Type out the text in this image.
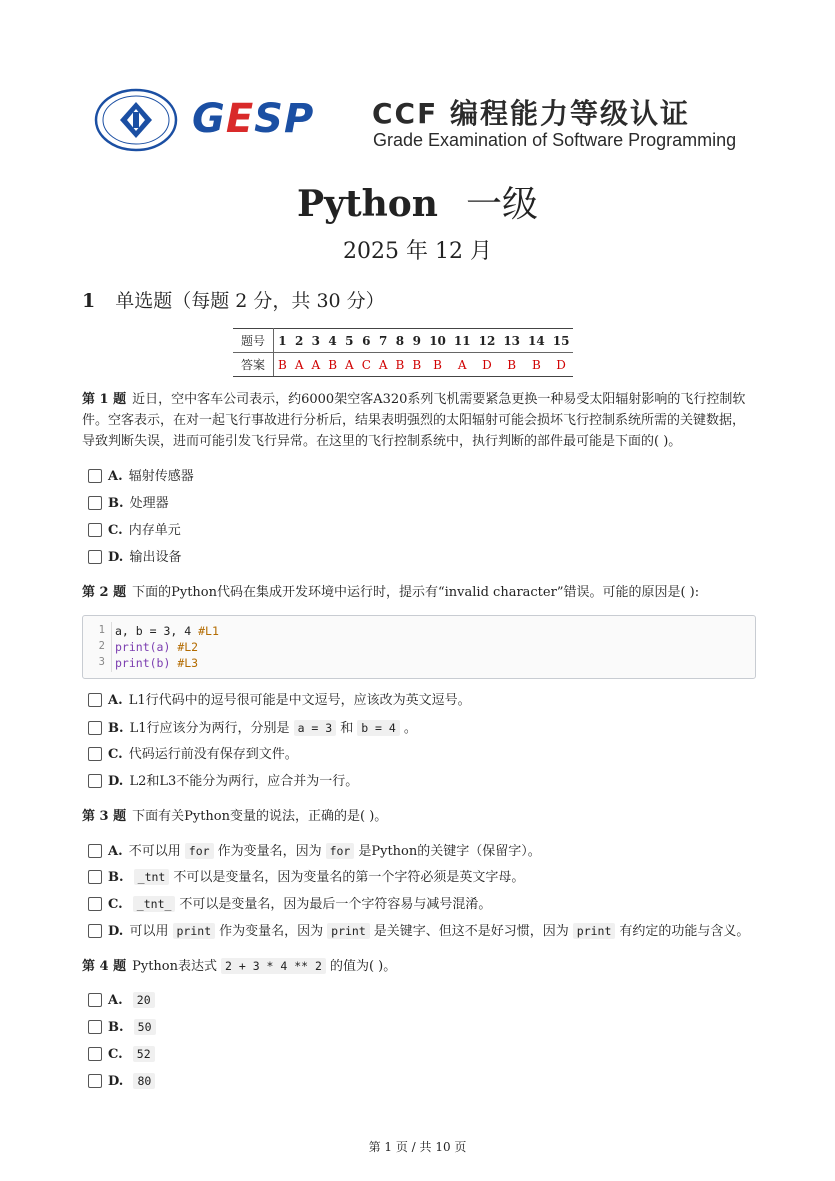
GESP CCF 编程能力等级认证
Grade Examination of Software Programming
Python 一级
2025 年 12 月
1 单选题（每题 2 分，共 30 分）
题号	1	2	3	4	5	6	7	8	9	10	11	12	13	14	15
答案	B	A	A	B	A	C	A	B	B	B	A	D	B	B	D
第 1 题 近日，空中客车公司表示，约6000架空客A320系列飞机需要紧急更换一种易受太阳辐射影响的飞行控制软件。空客表示，在对一起飞行事故进行分析后，结果表明强烈的太阳辐射可能会损坏飞行控制系统所需的关键数据，导致判断失误，进而可能引发飞行异常。在这里的飞行控制系统中，执行判断的部件最可能是下面的( )。
A. 辐射传感器
B. 处理器
C. 内存单元
D. 输出设备
第 2 题 下面的Python代码在集成开发环境中运行时，提示有“invalid character”错误。可能的原因是( ):
1 a, b = 3, 4 #L1
2 print(a) #L2
3 print(b) #L3
A. L1行代码中的逗号很可能是中文逗号，应该改为英文逗号。
B. L1行应该分为两行，分别是 a = 3 和 b = 4 。
C. 代码运行前没有保存到文件。
D. L2和L3不能分为两行，应合并为一行。
第 3 题 下面有关Python变量的说法，正确的是( )。
A. 不可以用 for 作为变量名，因为 for 是Python的关键字（保留字）。
B. _tnt 不可以是变量名，因为变量名的第一个字符必须是英文字母。
C. _tnt_ 不可以是变量名，因为最后一个字符容易与减号混淆。
D. 可以用 print 作为变量名，因为 print 是关键字、但这不是好习惯，因为 print 有约定的功能与含义。
第 4 题 Python表达式 2 + 3 * 4 ** 2 的值为( )。
A. 20
B. 50
C. 52
D. 80
第 1 页 / 共 10 页
